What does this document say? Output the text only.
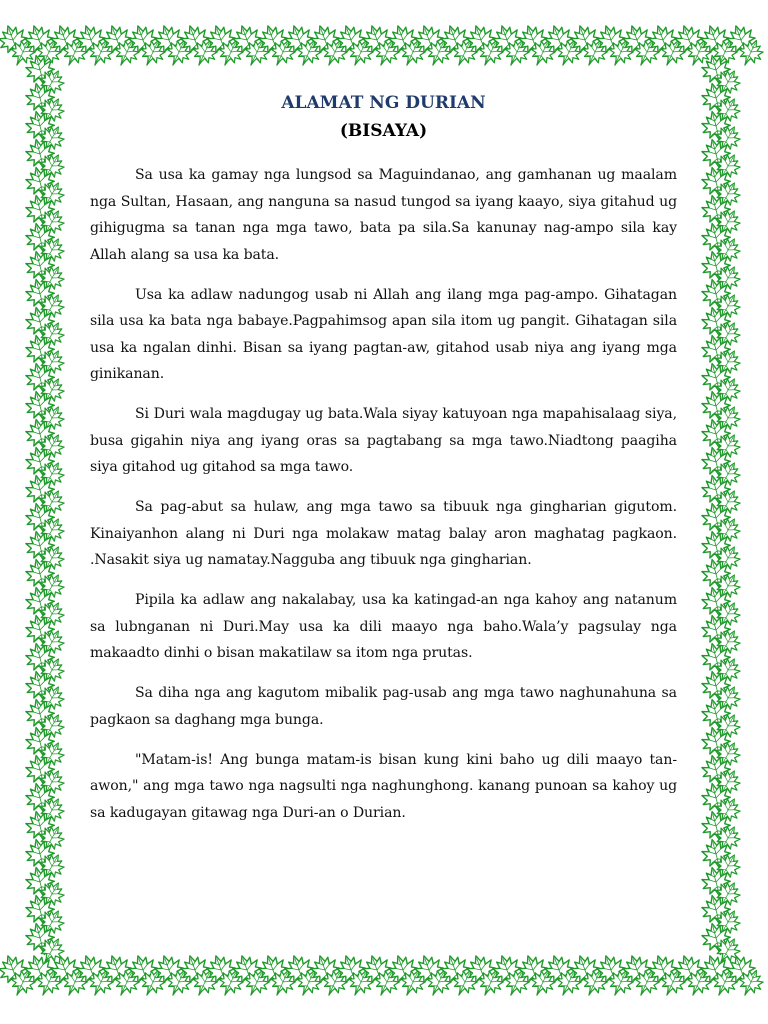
ALAMAT NG DURIAN
(BISAYA)

Sa usa ka gamay nga lungsod sa Maguindanao, ang gamhanan ug maalam nga Sultan, Hasaan, ang nanguna sa nasud tungod sa iyang kaayo, siya gitahud ug gihigugma sa tanan nga mga tawo, bata pa sila.Sa kanunay nag-ampo sila kay Allah alang sa usa ka bata.

Usa ka adlaw nadungog usab ni Allah ang ilang mga pag-ampo. Gihatagan sila usa ka bata nga babaye.Pagpahimsog apan sila itom ug pangit. Gihatagan sila usa ka ngalan dinhi. Bisan sa iyang pagtan-aw, gitahod usab niya ang iyang mga ginikanan.

Si Duri wala magdugay ug bata.Wala siyay katuyoan nga mapahisalaag siya, busa gigahin niya ang iyang oras sa pagtabang sa mga tawo.Niadtong paagiha siya gitahod ug gitahod sa mga tawo.

Sa pag-abut sa hulaw, ang mga tawo sa tibuuk nga gingharian gigutom. Kinaiyanhon alang ni Duri nga molakaw matag balay aron maghatag pagkaon. .Nasakit siya ug namatay.Nagguba ang tibuuk nga gingharian.

Pipila ka adlaw ang nakalabay, usa ka katingad-an nga kahoy ang natanum sa lubnganan ni Duri.May usa ka dili maayo nga baho.Wala’y pagsulay nga makaadto dinhi o bisan makatilaw sa itom nga prutas.

Sa diha nga ang kagutom mibalik pag-usab ang mga tawo naghunahuna sa pagkaon sa daghang mga bunga.

"Matam-is! Ang bunga matam-is bisan kung kini baho ug dili maayo tan-awon," ang mga tawo nga nagsulti nga naghunghong. kanang punoan sa kahoy ug sa kadugayan gitawag nga Duri-an o Durian.
